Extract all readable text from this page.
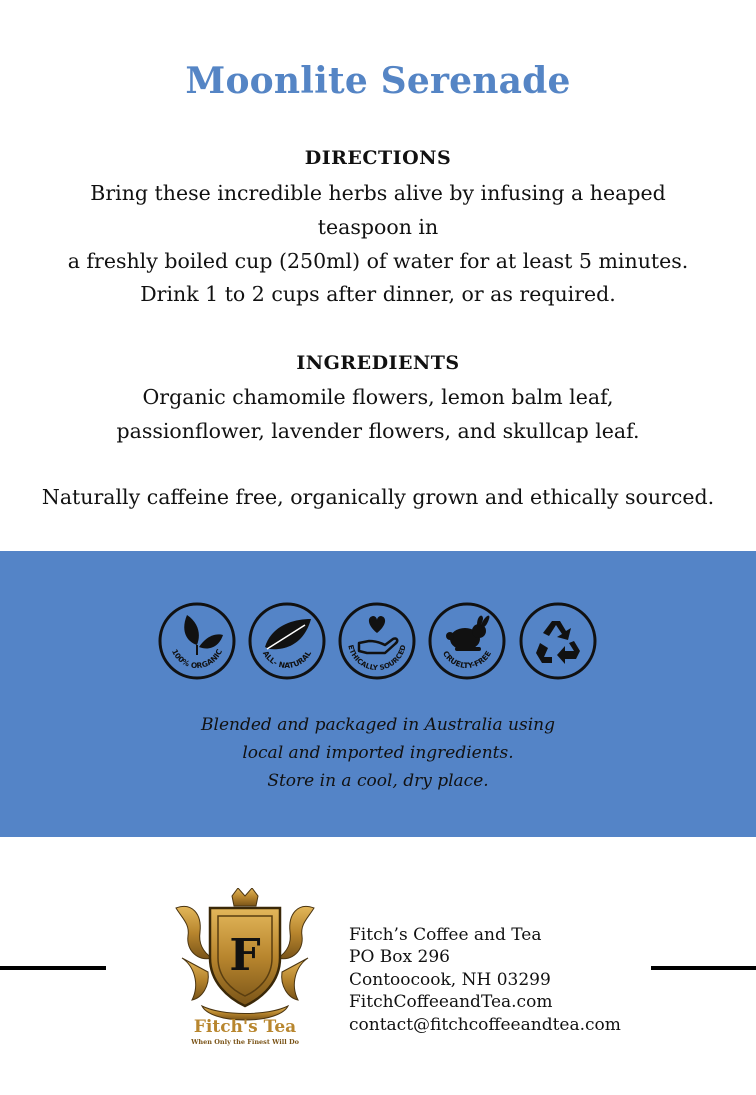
Moonlite Serenade
DIRECTIONS
Bring these incredible herbs alive by infusing a heaped teaspoon in
a freshly boiled cup (250ml) of water for at least 5 minutes.
Drink 1 to 2 cups after dinner, or as required.
INGREDIENTS
Organic chamomile flowers, lemon balm leaf,
passionflower, lavender flowers, and skullcap leaf.
Naturally caffeine free, organically grown and ethically sourced.
100% ORGANIC	ALL- NATURAL
ETHICALLY SOURCED
CRUELTY-FREE
Blended and packaged in Australia using
local and imported ingredients.
Store in a cool, dry place.
F
Fitch's Tea
When Only the Finest Will Do
Fitch’s Coffee and Tea
PO Box 296
Contoocook, NH 03299
FitchCoffeeandTea.com
contact@fitchcoffeeandtea.com
